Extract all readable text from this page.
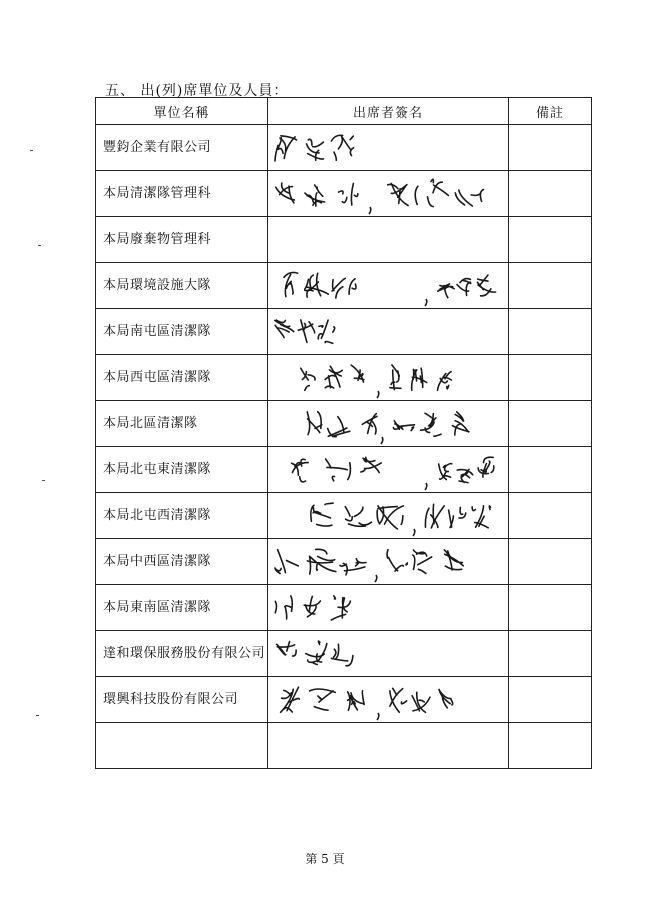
五、 出(列)席單位及人員：
單位名稱	出席者簽名	備註
豐鈞企業有限公司	

本局清潔隊管理科	

本局廢棄物管理科	

本局環境設施大隊	

本局南屯區清潔隊	

本局西屯區清潔隊	

本局北區清潔隊	

本局北屯東清潔隊	

本局北屯西清潔隊	

本局中西區清潔隊	

本局東南區清潔隊	

達和環保服務股份有限公司	

環興科技股份有限公司	

第 5 頁
